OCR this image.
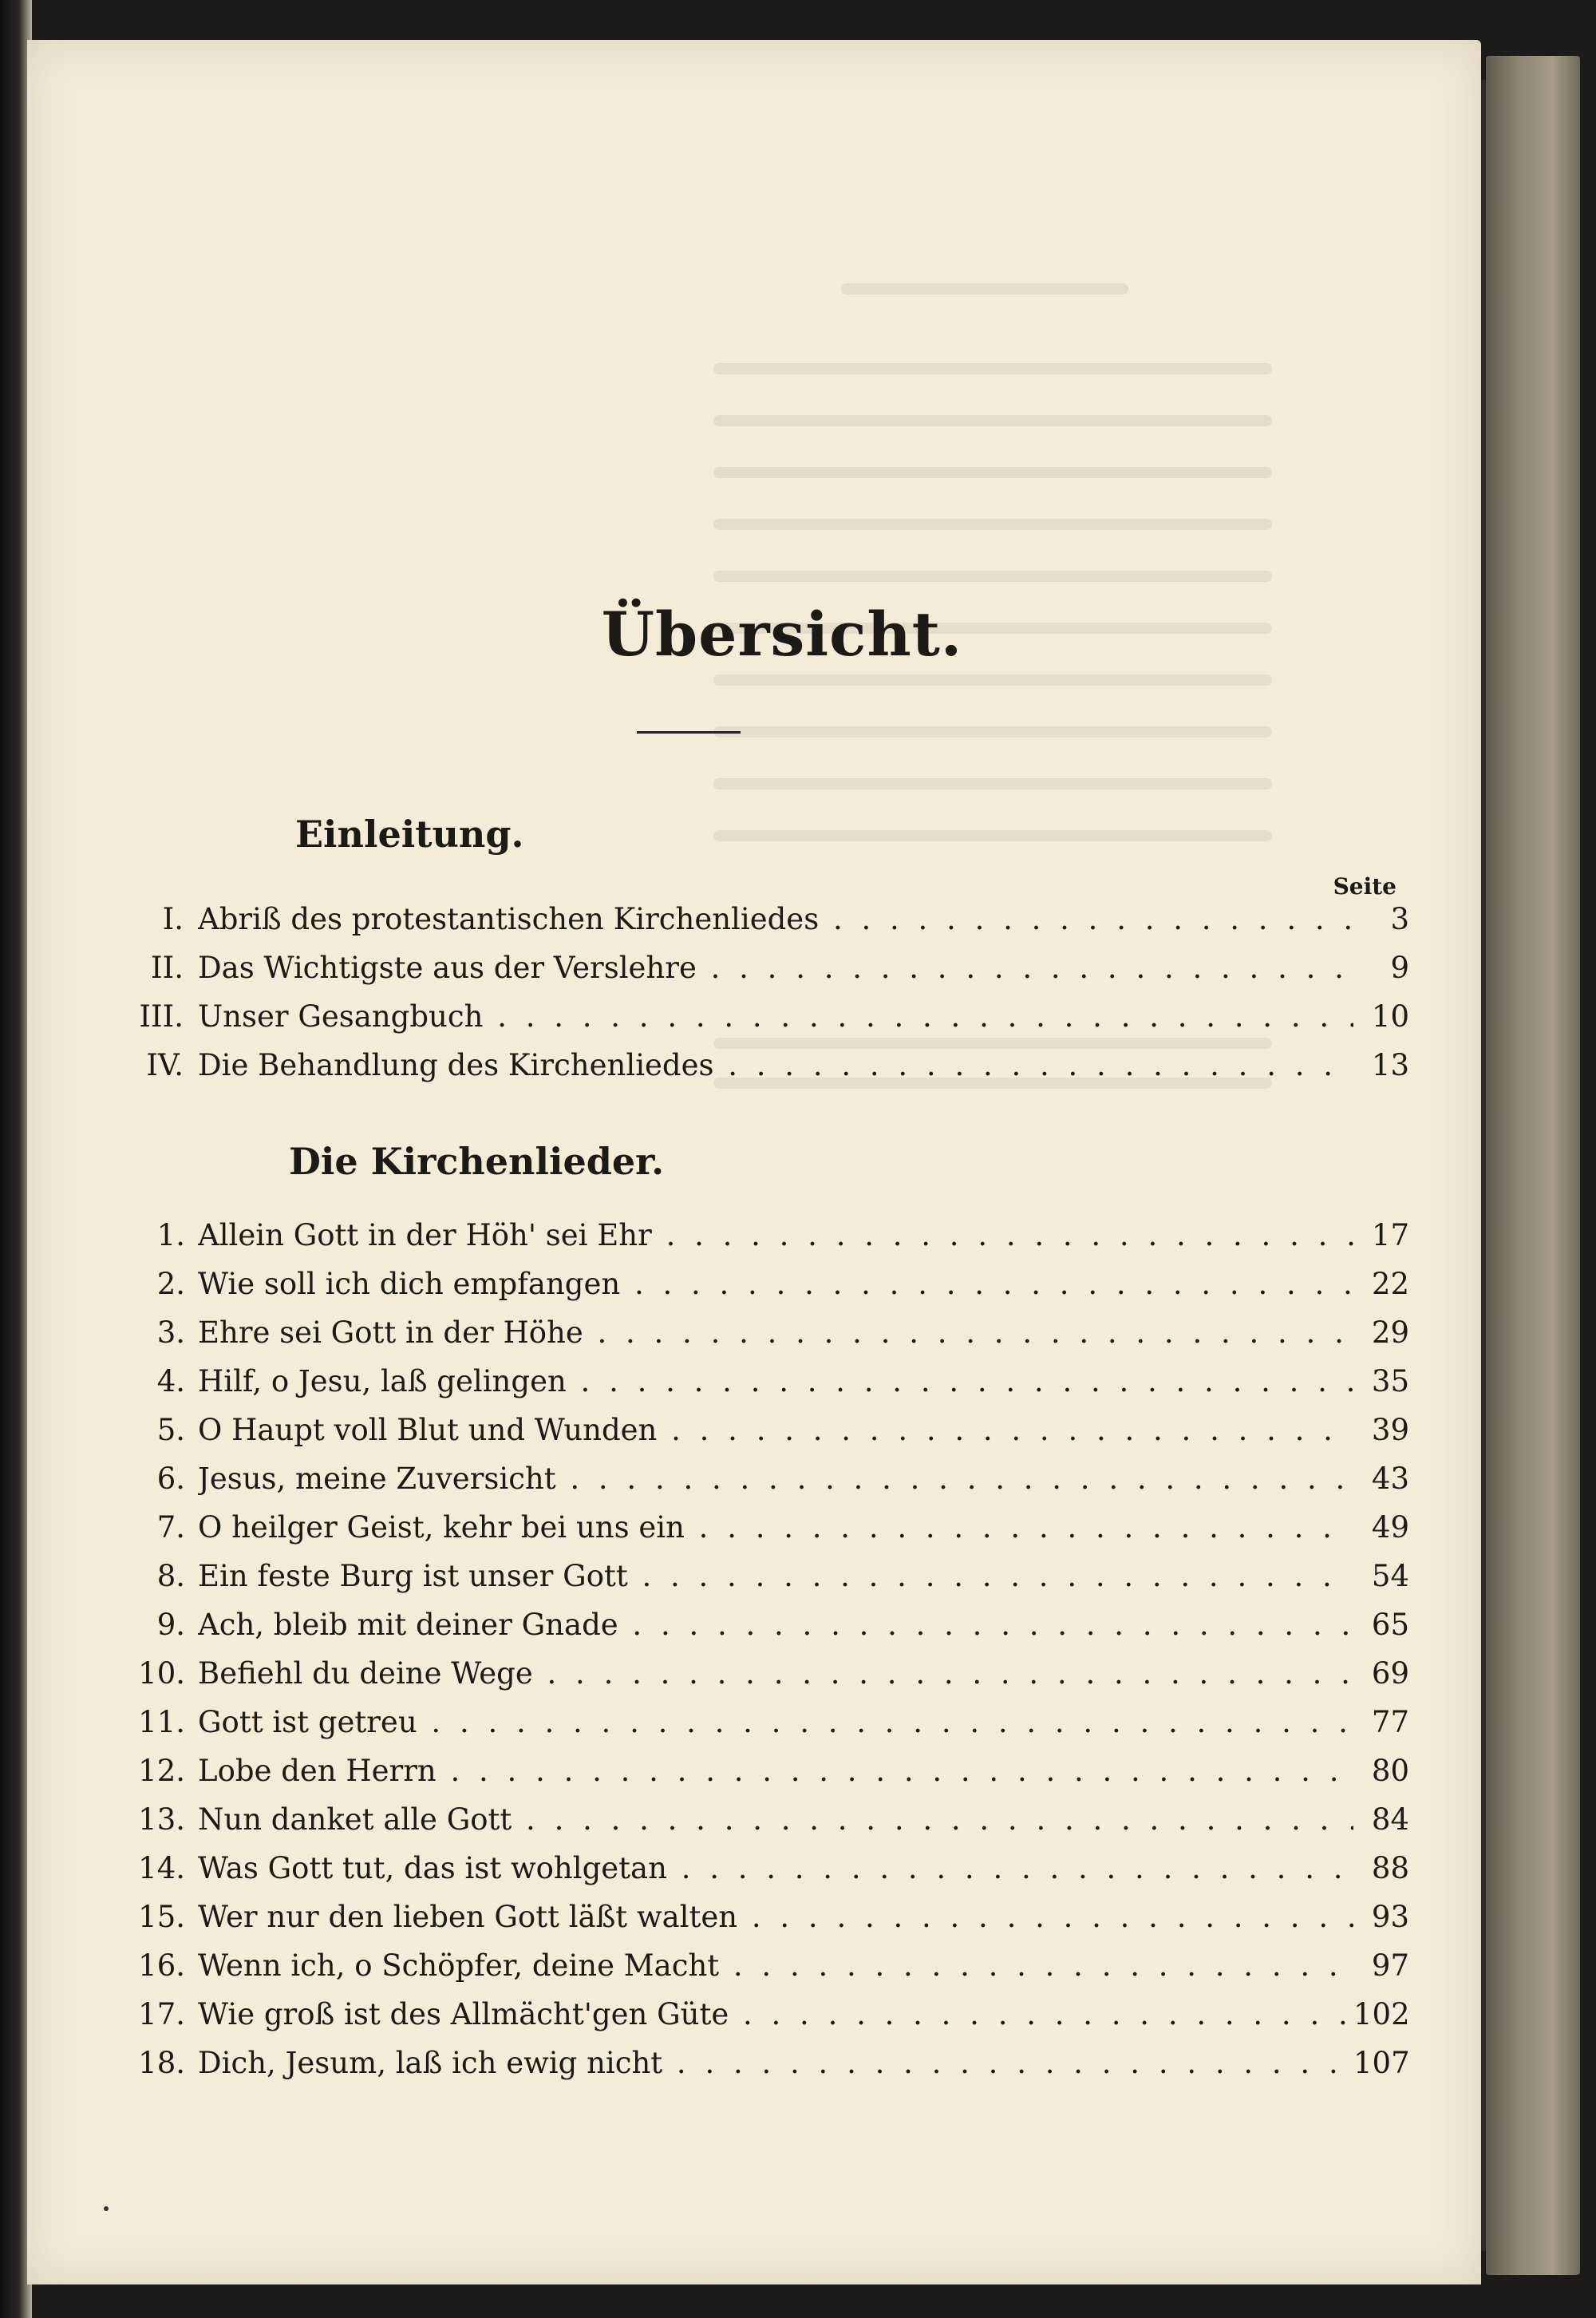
Übersicht.
Einleitung.
Seite
I. Abriß des protestantischen Kirchenliedes . . .	3
II. Das Wichtigste aus der Verslehre . . .	9
III. Unser Gesangbuch . . .	10
IV. Die Behandlung des Kirchenliedes . . .	13
Die Kirchenlieder.
1. Allein Gott in der Höh' sei Ehr . . .	17
2. Wie soll ich dich empfangen . . .	22
3. Ehre sei Gott in der Höhe . . .	29
4. Hilf, o Jesu, laß gelingen . . .	35
5. O Haupt voll Blut und Wunden . . .	39
6. Jesus, meine Zuversicht . . .	43
7. O heilger Geist, kehr bei uns ein . . .	49
8. Ein feste Burg ist unser Gott . . .	54
9. Ach, bleib mit deiner Gnade . . .	65
10. Befiehl du deine Wege . . .	69
11. Gott ist getreu . . .	77
12. Lobe den Herrn . . .	80
13. Nun danket alle Gott . . .	84
14. Was Gott tut, das ist wohlgetan . . .	88
15. Wer nur den lieben Gott läßt walten . . .	93
16. Wenn ich, o Schöpfer, deine Macht . . .	97
17. Wie groß ist des Allmächt'gen Güte . . .	102
18. Dich, Jesum, laß ich ewig nicht . . .	107
